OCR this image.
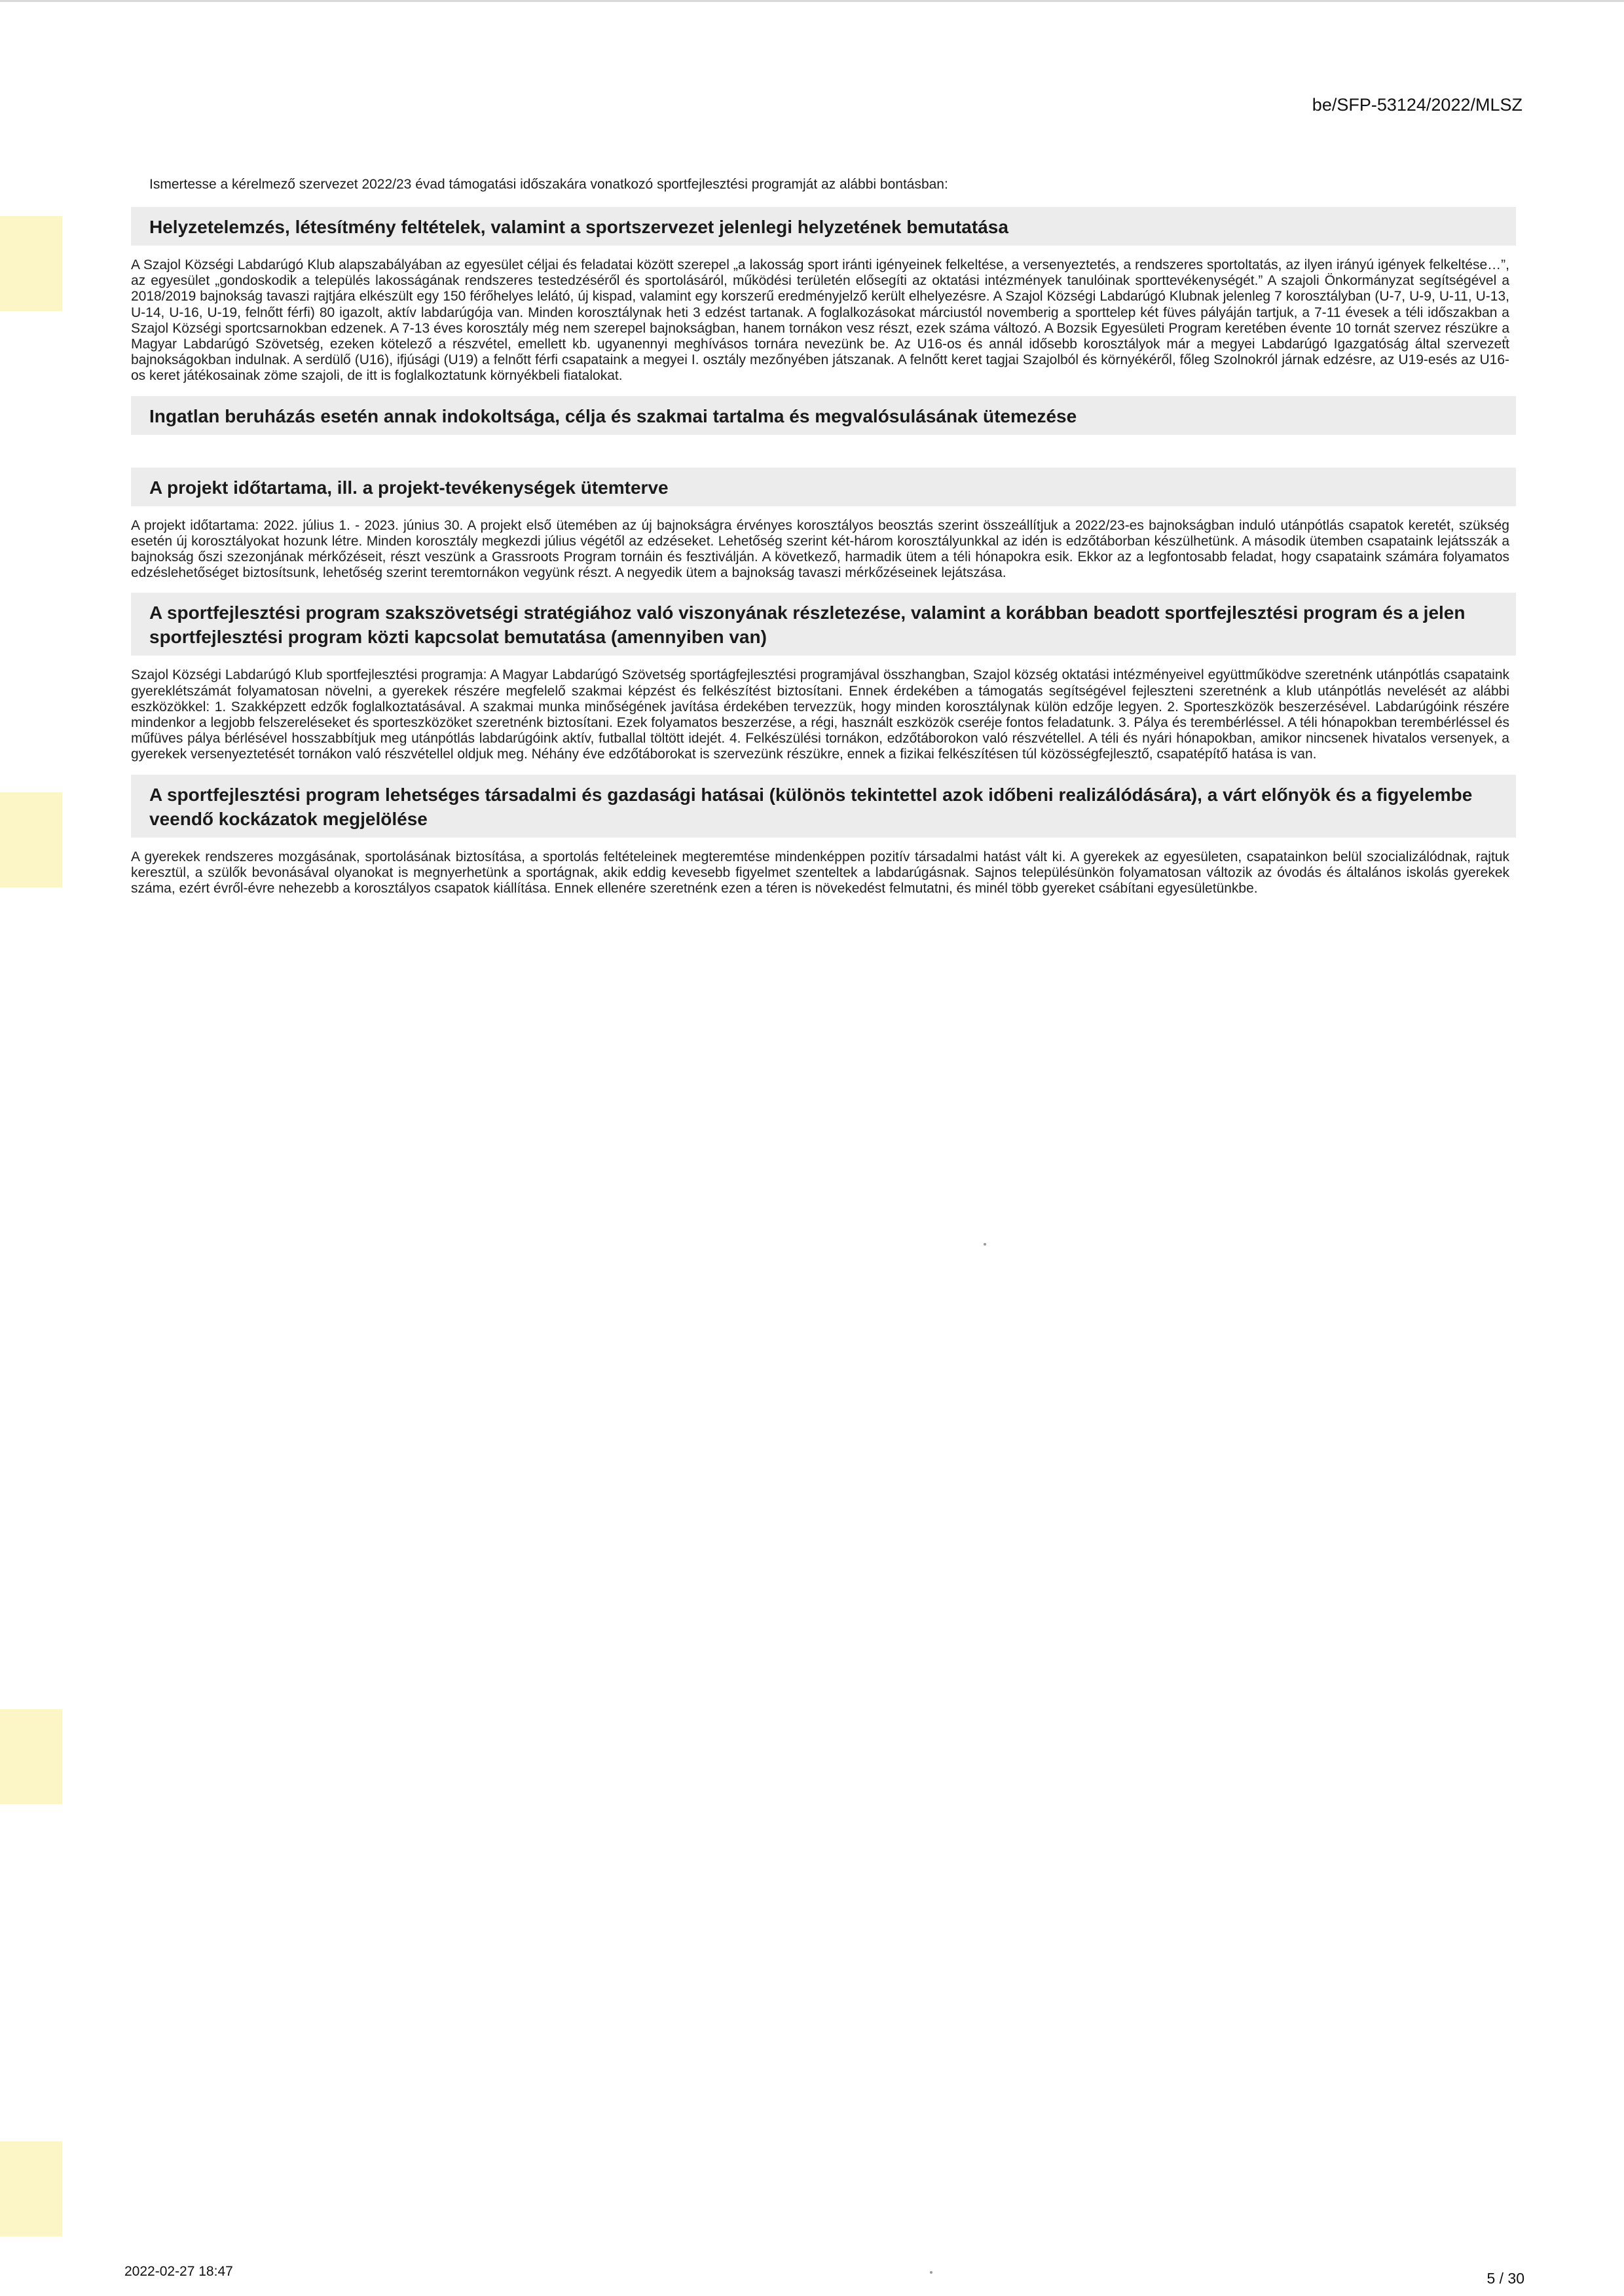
be/SFP-53124/2022/MLSZ
Ismertesse a kérelmező szervezet 2022/23 évad támogatási időszakára vonatkozó sportfejlesztési programját az alábbi bontásban:
Helyzetelemzés, létesítmény feltételek, valamint a sportszervezet jelenlegi helyzetének bemutatása
A Szajol Községi Labdarúgó Klub alapszabályában az egyesület céljai és feladatai között szerepel „a lakosság sport iránti igényeinek felkeltése, a versenyeztetés, a rendszeres sportoltatás, az ilyen irányú igények felkeltése…”, az egyesület „gondoskodik a település lakosságának rendszeres testedzéséről és sportolásáról, működési területén elősegíti az oktatási intézmények tanulóinak sporttevékenységét.” A szajoli Önkormányzat segítségével a 2018/2019 bajnokság tavaszi rajtjára elkészült egy 150 férőhelyes lelátó, új kispad, valamint egy korszerű eredményjelző került elhelyezésre. A Szajol Községi Labdarúgó Klubnak jelenleg 7 korosztályban (U-7, U-9, U-11, U-13, U-14, U-16, U-19, felnőtt férfi) 80 igazolt, aktív labdarúgója van. Minden korosztálynak heti 3 edzést tartanak. A foglalkozásokat márciustól novemberig a sporttelep két füves pályáján tartjuk, a 7-11 évesek a téli időszakban a Szajol Községi sportcsarnokban edzenek. A 7-13 éves korosztály még nem szerepel bajnokságban, hanem tornákon vesz részt, ezek száma változó. A Bozsik Egyesületi Program keretében évente 10 tornát szervez részükre a Magyar Labdarúgó Szövetség, ezeken kötelező a részvétel, emellett kb. ugyanennyi meghívásos tornára nevezünk be. Az U16-os és annál idősebb korosztályok már a megyei Labdarúgó Igazgatóság által szervezett bajnokságokban indulnak. A serdülő (U16), ifjúsági (U19) a felnőtt férfi csapataink a megyei I. osztály mezőnyében játszanak. A felnőtt keret tagjai Szajolból és környékéről, főleg Szolnokról járnak edzésre, az U19-esés az U16-os keret játékosainak zöme szajoli, de itt is foglalkoztatunk környékbeli fiatalokat.
Ingatlan beruházás esetén annak indokoltsága, célja és szakmai tartalma és megvalósulásának ütemezése
A projekt időtartama, ill. a projekt-tevékenységek ütemterve
A projekt időtartama: 2022. július 1. - 2023. június 30. A projekt első ütemében az új bajnokságra érvényes korosztályos beosztás szerint összeállítjuk a 2022/23-es bajnokságban induló utánpótlás csapatok keretét, szükség esetén új korosztályokat hozunk létre. Minden korosztály megkezdi július végétől az edzéseket. Lehetőség szerint két-három korosztályunkkal az idén is edzőtáborban készülhetünk. A második ütemben csapataink lejátsszák a bajnokság őszi szezonjának mérkőzéseit, részt veszünk a Grassroots Program tornáin és fesztiválján. A következő, harmadik ütem a téli hónapokra esik. Ekkor az a legfontosabb feladat, hogy csapataink számára folyamatos edzéslehetőséget biztosítsunk, lehetőség szerint teremtornákon vegyünk részt. A negyedik ütem a bajnokság tavaszi mérkőzéseinek lejátszása.
A sportfejlesztési program szakszövetségi stratégiához való viszonyának részletezése, valamint a korábban beadott sportfejlesztési program és a jelen sportfejlesztési program közti kapcsolat bemutatása (amennyiben van)
Szajol Községi Labdarúgó Klub sportfejlesztési programja: A Magyar Labdarúgó Szövetség sportágfejlesztési programjával összhangban, Szajol község oktatási intézményeivel együttműködve szeretnénk utánpótlás csapataink gyereklétszámát folyamatosan növelni, a gyerekek részére megfelelő szakmai képzést és felkészítést biztosítani. Ennek érdekében a támogatás segítségével fejleszteni szeretnénk a klub utánpótlás nevelését az alábbi eszközökkel: 1. Szakképzett edzők foglalkoztatásával. A szakmai munka minőségének javítása érdekében tervezzük, hogy minden korosztálynak külön edzője legyen. 2. Sporteszközök beszerzésével. Labdarúgóink részére mindenkor a legjobb felszereléseket és sporteszközöket szeretnénk biztosítani. Ezek folyamatos beszerzése, a régi, használt eszközök cseréje fontos feladatunk. 3. Pálya és terembérléssel. A téli hónapokban terembérléssel és műfüves pálya bérlésével hosszabbítjuk meg utánpótlás labdarúgóink aktív, futballal töltött idejét. 4. Felkészülési tornákon, edzőtáborokon való részvétellel. A téli és nyári hónapokban, amikor nincsenek hivatalos versenyek, a gyerekek versenyeztetését tornákon való részvétellel oldjuk meg. Néhány éve edzőtáborokat is szervezünk részükre, ennek a fizikai felkészítésen túl közösségfejlesztő, csapatépítő hatása is van.
A sportfejlesztési program lehetséges társadalmi és gazdasági hatásai (különös tekintettel azok időbeni realizálódására), a várt előnyök és a figyelembe veendő kockázatok megjelölése
A gyerekek rendszeres mozgásának, sportolásának biztosítása, a sportolás feltételeinek megteremtése mindenképpen pozitív társadalmi hatást vált ki. A gyerekek az egyesületen, csapatainkon belül szocializálódnak, rajtuk keresztül, a szülők bevonásával olyanokat is megnyerhetünk a sportágnak, akik eddig kevesebb figyelmet szenteltek a labdarúgásnak. Sajnos településünkön folyamatosan változik az óvodás és általános iskolás gyerekek száma, ezért évről-évre nehezebb a korosztályos csapatok kiállítása. Ennek ellenére szeretnénk ezen a téren is növekedést felmutatni, és minél több gyereket csábítani egyesületünkbe.
2022-02-27 18:47	5 / 30
